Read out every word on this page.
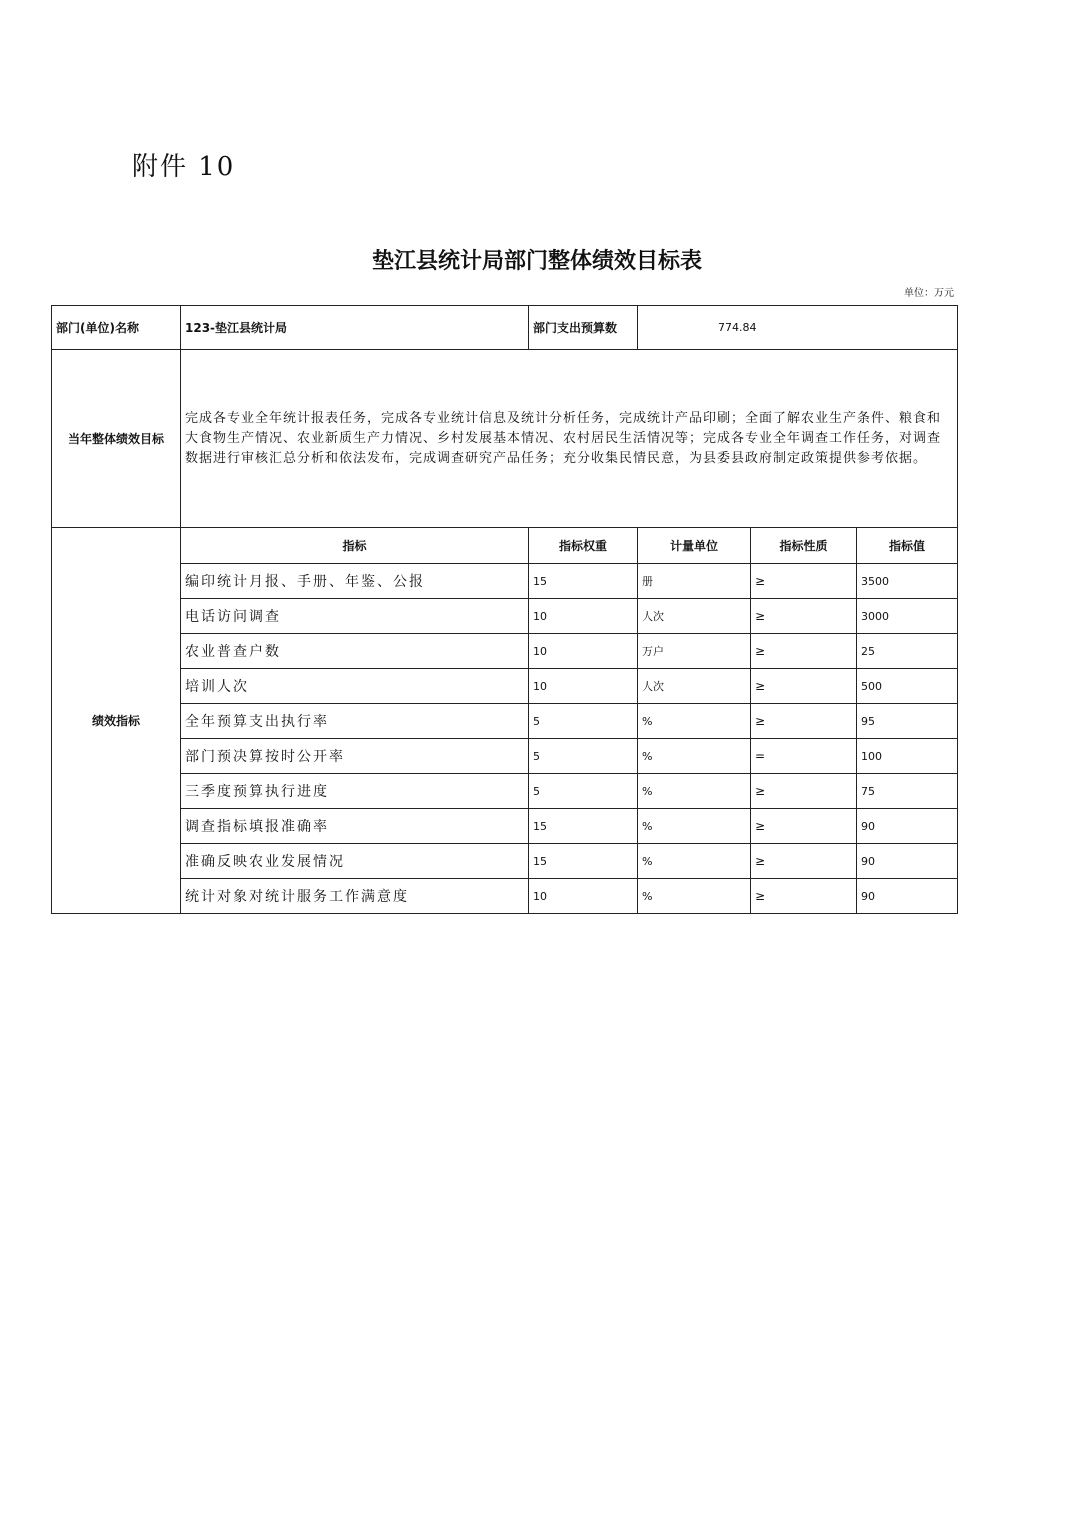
附件 10
垫江县统计局部门整体绩效目标表
单位：万元
部门(单位)名称	123-垫江县统计局	部门支出预算数	774.84		
当年整体绩效目标	完成各专业全年统计报表任务，完成各专业统计信息及统计分析任务，完成统计产品印刷；全面了解农业生产条件、粮食和大食物生产情况、农业新质生产力情况、乡村发展基本情况、农村居民生活情况等；完成各专业全年调查工作任务，对调查数据进行审核汇总分析和依法发布，完成调查研究产品任务；充分收集民情民意，为县委县政府制定政策提供参考依据。				
绩效指标	指标	指标权重	计量单位	指标性质	指标值
	编印统计月报、手册、年鉴、公报	15	册	≥	3500
	电话访问调查	10	人次	≥	3000
	农业普查户数	10	万户	≥	25
	培训人次	10	人次	≥	500
	全年预算支出执行率	5	%	≥	95
	部门预决算按时公开率	5	%	=	100
	三季度预算执行进度	5	%	≥	75
	调查指标填报准确率	15	%	≥	90
	准确反映农业发展情况	15	%	≥	90
	统计对象对统计服务工作满意度	10	%	≥	90
